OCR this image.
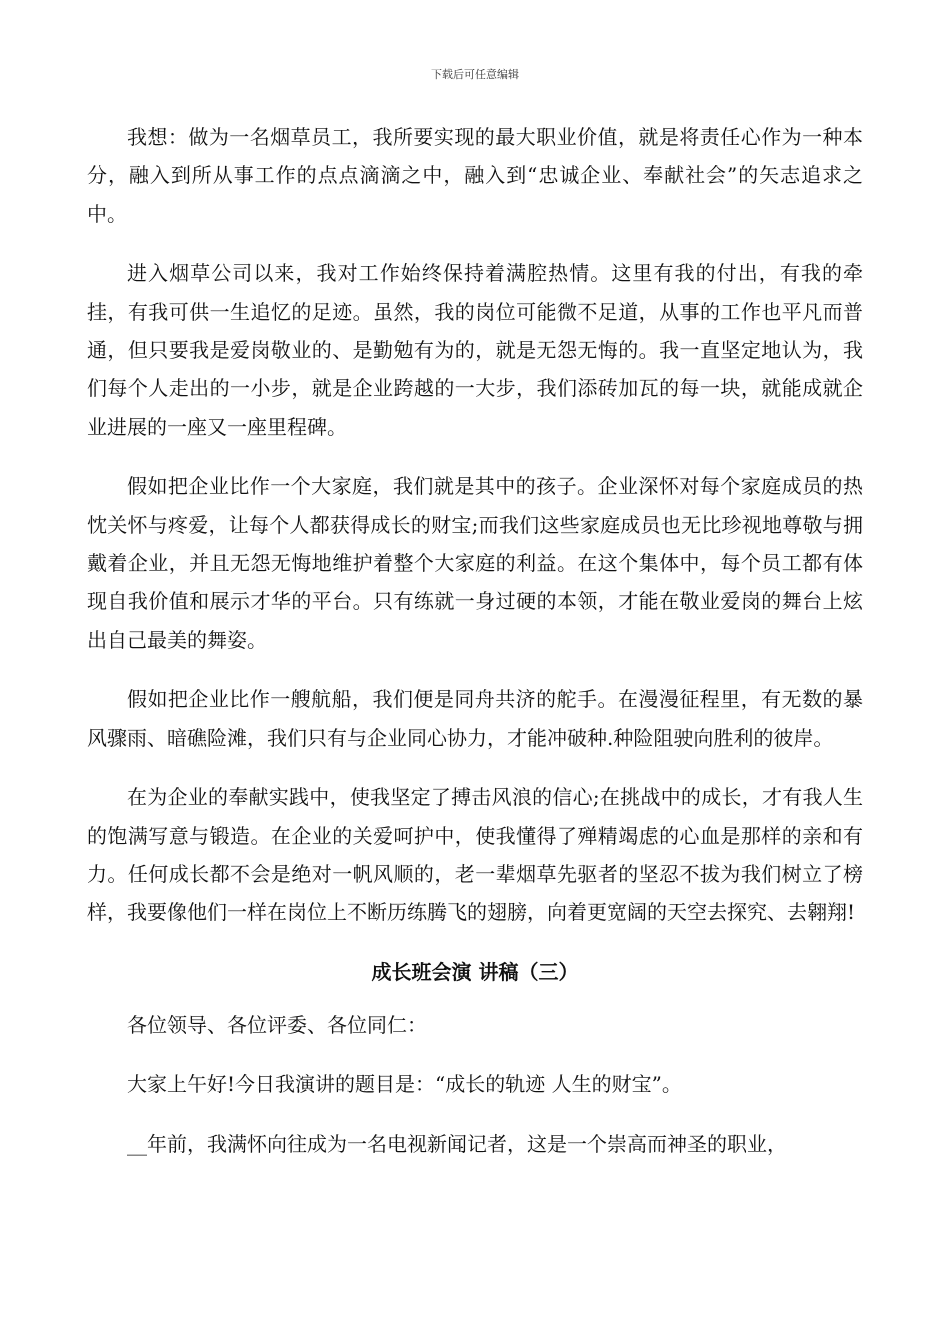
下载后可任意编辑

我想：做为一名烟草员工，我所要实现的最大职业价值，就是将责任心作为一种本分，融入到所从事工作的点点滴滴之中，融入到“忠诚企业、奉献社会”的矢志追求之中。

进入烟草公司以来，我对工作始终保持着满腔热情。这里有我的付出，有我的牵挂，有我可供一生追忆的足迹。虽然，我的岗位可能微不足道，从事的工作也平凡而普通，但只要我是爱岗敬业的、是勤勉有为的，就是无怨无悔的。我一直坚定地认为，我们每个人走出的一小步，就是企业跨越的一大步，我们添砖加瓦的每一块，就能成就企业进展的一座又一座里程碑。

假如把企业比作一个大家庭，我们就是其中的孩子。企业深怀对每个家庭成员的热忱关怀与疼爱，让每个人都获得成长的财宝;而我们这些家庭成员也无比珍视地尊敬与拥戴着企业，并且无怨无悔地维护着整个大家庭的利益。在这个集体中，每个员工都有体现自我价值和展示才华的平台。只有练就一身过硬的本领，才能在敬业爱岗的舞台上炫出自己最美的舞姿。

假如把企业比作一艘航船，我们便是同舟共济的舵手。在漫漫征程里，有无数的暴风骤雨、暗礁险滩，我们只有与企业同心协力，才能冲破种.种险阻驶向胜利的彼岸。

在为企业的奉献实践中，使我坚定了搏击风浪的信心;在挑战中的成长，才有我人生的饱满写意与锻造。在企业的关爱呵护中，使我懂得了殚精竭虑的心血是那样的亲和有力。任何成长都不会是绝对一帆风顺的，老一辈烟草先驱者的坚忍不拔为我们树立了榜样，我要像他们一样在岗位上不断历练腾飞的翅膀，向着更宽阔的天空去探究、去翱翔!

成长班会演 讲稿（三）

各位领导、各位评委、各位同仁：

大家上午好!今日我演讲的题目是：“成长的轨迹 人生的财宝”。

__年前，我满怀向往成为一名电视新闻记者，这是一个崇高而神圣的职业，
